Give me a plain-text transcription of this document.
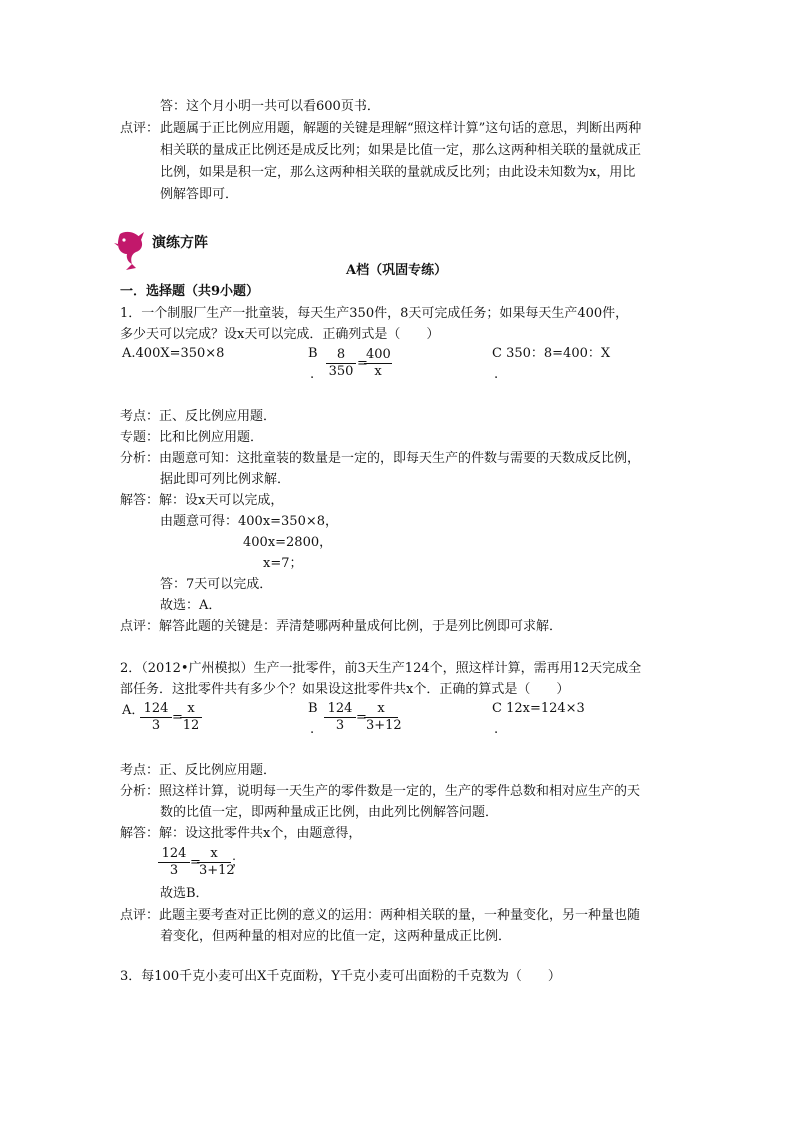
答：这个月小明一共可以看600页书．
点评： 此题属于正比例应用题，解题的关键是理解“照这样计算”这句话的意思，判断出两种
相关联的量成正比例还是成反比列；如果是比值一定，那么这两种相关联的量就成正
比例，如果是积一定，那么这两种相关联的量就成反比列；由此设未知数为x，用比
例解答即可．
演练方阵
A档（巩固专练）
一．选择题（共9小题）
1．一个制服厂生产一批童装，每天生产350件，8天可完成任务；如果每天生产400件，
多少天可以完成？设x天可以完成．正确列式是（　　）
A.400X=350×8	B
. $\frac{8}{350}$ =
$\frac{400}{x}$	C 350：8=400：X
.
考点：正、反比例应用题．
专题：比和比例应用题．
分析：由题意可知：这批童装的数量是一定的，即每天生产的件数与需要的天数成反比例，
据此即可列比例求解．
解答：解：设x天可以完成，
由题意可得：400x=350×8，
400x=2800，
x=7；
答：7天可以完成．
故选：A．
点评：解答此题的关键是：弄清楚哪两种量成何比例，于是列比例即可求解．
2．（2012•广州模拟）生产一批零件，前3天生产124个，照这样计算，需再用12天完成全
部任务．这批零件共有多少个？如果设这批零件共x个．正确的算式是（　　）
A．
$\frac{124}{3}$ =
$\frac{x}{12}$	B
. $\frac{124}{3}$ =
$\frac{x}{3+12}$	C 12x=124×3
.
考点：正、反比例应用题．
分析：照这样计算，说明每一天生产的零件数是一定的，生产的零件总数和相对应生产的天
数的比值一定，即两种量成正比例，由此列比例解答问题．
解答：解：设这批零件共x个，由题意得，
$\frac{124}{3}$ =
$\frac{x}{3+12}$ ；
故选B．
点评：此题主要考查对正比例的意义的运用：两种相关联的量，一种量变化，另一种量也随
着变化，但两种量的相对应的比值一定，这两种量成正比例．
3．每100千克小麦可出X千克面粉，Y千克小麦可出面粉的千克数为（　　）
